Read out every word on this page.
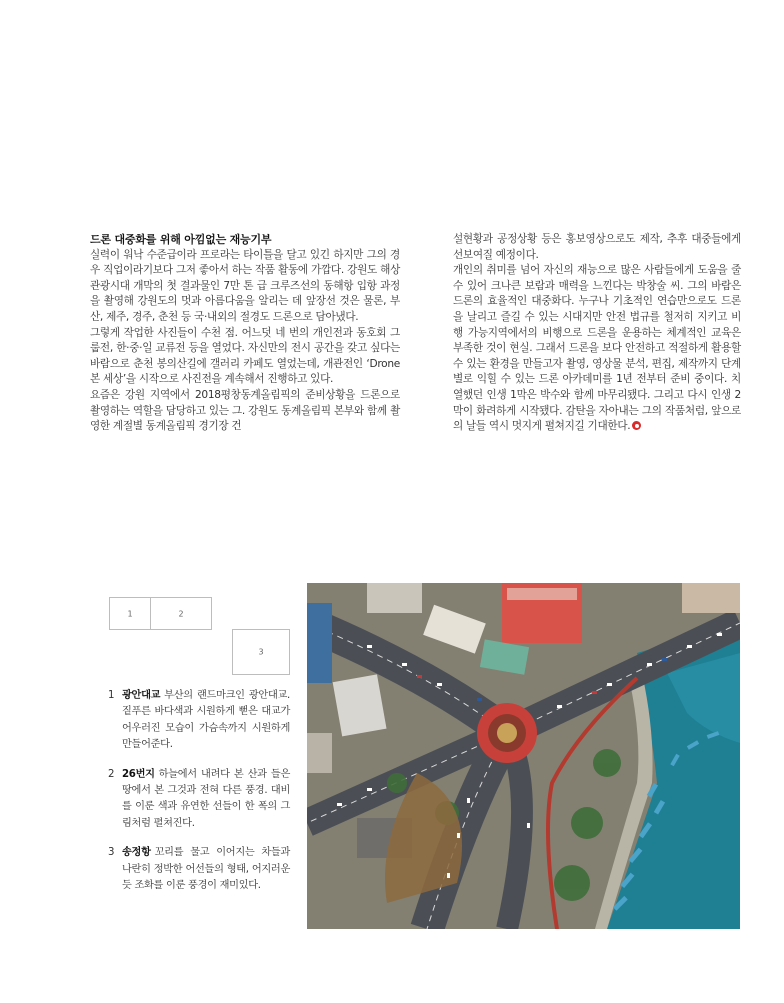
드론 대중화를 위해 아낌없는 재능기부

실력이 워낙 수준급이라 프로라는 타이틀을 달고 있긴 하지만 그의 경우 직업이라기보다 그저 좋아서 하는 작품 활동에 가깝다. 강원도 해상관광시대 개막의 첫 결과물인 7만 톤 급 크루즈선의 동해항 입항 과정을 촬영해 강원도의 멋과 아름다움을 알리는 데 앞장선 것은 물론, 부산, 제주, 경주, 춘천 등 국·내외의 절경도 드론으로 담아냈다.

그렇게 작업한 사진들이 수천 점. 어느덧 네 번의 개인전과 동호회 그룹전, 한·중·일 교류전 등을 열었다. 자신만의 전시 공간을 갖고 싶다는 바람으로 춘천 봉의산길에 갤러리 카페도 열었는데, 개관전인 ‘Drone 본 세상’을 시작으로 사진전을 계속해서 진행하고 있다.

요즘은 강원 지역에서 2018평창동계올림픽의 준비상황을 드론으로 촬영하는 역할을 담당하고 있는 그. 강원도 동계올림픽 본부와 함께 촬영한 계절별 동계올림픽 경기장 건

설현황과 공정상황 등은 홍보영상으로도 제작, 추후 대중들에게 선보여질 예정이다.

개인의 취미를 넘어 자신의 재능으로 많은 사람들에게 도움을 줄 수 있어 크나큰 보람과 매력을 느낀다는 박창술 씨. 그의 바람은 드론의 효율적인 대중화다. 누구나 기초적인 연습만으로도 드론을 날리고 즐길 수 있는 시대지만 안전 법규를 철저히 지키고 비행 가능지역에서의 비행으로 드론을 운용하는 체계적인 교육은 부족한 것이 현실. 그래서 드론을 보다 안전하고 적절하게 활용할 수 있는 환경을 만들고자 촬영, 영상물 분석, 편집, 제작까지 단계별로 익힐 수 있는 드론 아카데미를 1년 전부터 준비 중이다. 치열했던 인생 1막은 박수와 함께 마무리됐다. 그리고 다시 인생 2막이 화려하게 시작됐다. 감탄을 자아내는 그의 작품처럼, 앞으로의 날들 역시 멋지게 펼쳐지길 기대한다.

1	2
3
1 광안대교 부산의 랜드마크인 광안대교. 짙푸른 바다색과 시원하게 뻗은 대교가 어우러진 모습이 가슴속까지 시원하게 만들어준다.
2 26번지 하늘에서 내려다 본 산과 들은 땅에서 본 그것과 전혀 다른 풍경. 대비를 이룬 색과 유연한 선들이 한 폭의 그림처럼 펼쳐진다.
3 송정항 꼬리를 물고 이어지는 차들과 나란히 정박한 어선들의 형태, 어지러운 듯 조화를 이룬 풍경이 재미있다.
